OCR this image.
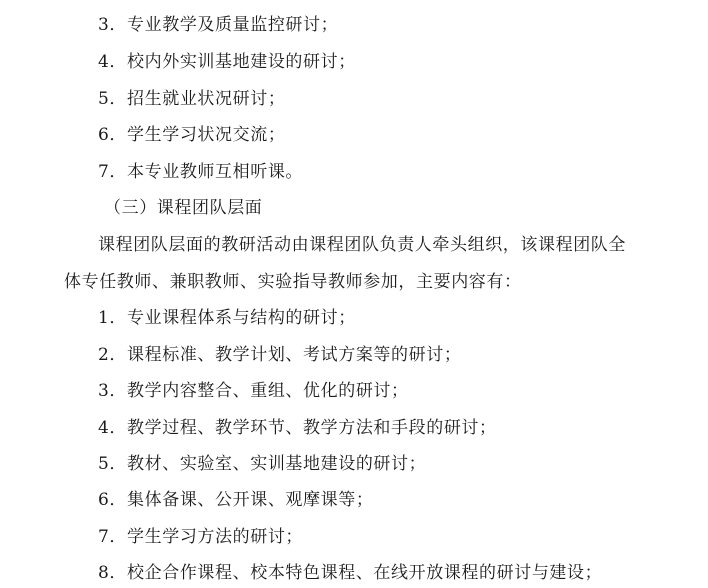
3．专业教学及质量监控研讨；
4．校内外实训基地建设的研讨；
5．招生就业状况研讨；
6．学生学习状况交流；
7．本专业教师互相听课。
（三）课程团队层面
课程团队层面的教研活动由课程团队负责人牵头组织，该课程团队全
体专任教师、兼职教师、实验指导教师参加，主要内容有：
1．专业课程体系与结构的研讨；
2．课程标准、教学计划、考试方案等的研讨；
3．教学内容整合、重组、优化的研讨；
4．教学过程、教学环节、教学方法和手段的研讨；
5．教材、实验室、实训基地建设的研讨；
6．集体备课、公开课、观摩课等；
7．学生学习方法的研讨；
8．校企合作课程、校本特色课程、在线开放课程的研讨与建设；
